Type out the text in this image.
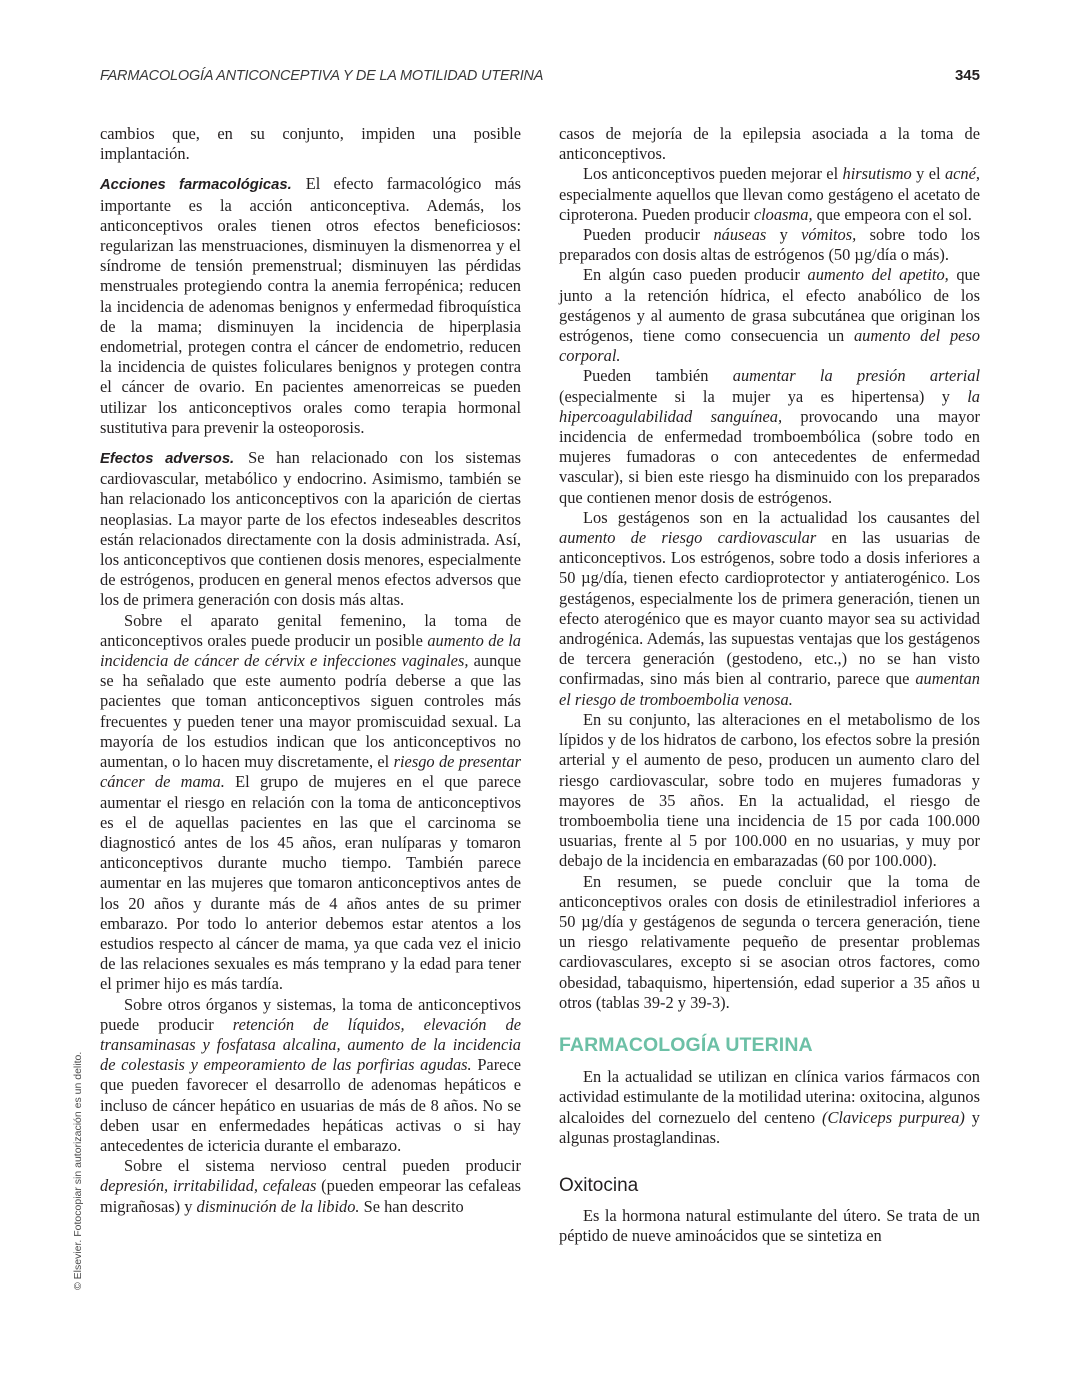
FARMACOLOGÍA ANTICONCEPTIVA Y DE LA MOTILIDAD UTERINA	345

cambios que, en su conjunto, impiden una posible implantación.

Acciones farmacológicas. El efecto farmacológico más importante es la acción anticonceptiva. Además, los anticonceptivos orales tienen otros efectos beneficiosos: regularizan las menstruaciones, disminuyen la dismenorrea y el síndrome de tensión premenstrual; disminuyen las pérdidas menstruales protegiendo contra la anemia ferropénica; reducen la incidencia de adenomas benignos y enfermedad fibroquística de la mama; disminuyen la incidencia de hiperplasia endometrial, protegen contra el cáncer de endometrio, reducen la incidencia de quistes foliculares benignos y protegen contra el cáncer de ovario. En pacientes amenorreicas se pueden utilizar los anticonceptivos orales como terapia hormonal sustitutiva para prevenir la osteoporosis.

Efectos adversos. Se han relacionado con los sistemas cardiovascular, metabólico y endocrino. Asimismo, también se han relacionado los anticonceptivos con la aparición de ciertas neoplasias. La mayor parte de los efectos indeseables descritos están relacionados directamente con la dosis administrada. Así, los anticonceptivos que contienen dosis menores, especialmente de estrógenos, producen en general menos efectos adversos que los de primera generación con dosis más altas.

Sobre el aparato genital femenino, la toma de anticonceptivos orales puede producir un posible aumento de la incidencia de cáncer de cérvix e infecciones vaginales, aunque se ha señalado que este aumento podría deberse a que las pacientes que toman anticonceptivos siguen controles más frecuentes y pueden tener una mayor promiscuidad sexual. La mayoría de los estudios indican que los anticonceptivos no aumentan, o lo hacen muy discretamente, el riesgo de presentar cáncer de mama. El grupo de mujeres en el que parece aumentar el riesgo en relación con la toma de anticonceptivos es el de aquellas pacientes en las que el carcinoma se diagnosticó antes de los 45 años, eran nulíparas y tomaron anticonceptivos durante mucho tiempo. También parece aumentar en las mujeres que tomaron anticonceptivos antes de los 20 años y durante más de 4 años antes de su primer embarazo. Por todo lo anterior debemos estar atentos a los estudios respecto al cáncer de mama, ya que cada vez el inicio de las relaciones sexuales es más temprano y la edad para tener el primer hijo es más tardía.

Sobre otros órganos y sistemas, la toma de anticonceptivos puede producir retención de líquidos, elevación de transaminasas y fosfatasa alcalina, aumento de la incidencia de colestasis y empeoramiento de las porfirias agudas. Parece que pueden favorecer el desarrollo de adenomas hepáticos e incluso de cáncer hepático en usuarias de más de 8 años. No se deben usar en enfermedades hepáticas activas o si hay antecedentes de ictericia durante el embarazo.

Sobre el sistema nervioso central pueden producir depresión, irritabilidad, cefaleas (pueden empeorar las cefaleas migrañosas) y disminución de la libido. Se han descrito

casos de mejoría de la epilepsia asociada a la toma de anticonceptivos.

Los anticonceptivos pueden mejorar el hirsutismo y el acné, especialmente aquellos que llevan como gestágeno el acetato de ciproterona. Pueden producir cloasma, que empeora con el sol.

Pueden producir náuseas y vómitos, sobre todo los preparados con dosis altas de estrógenos (50 µg/día o más).

En algún caso pueden producir aumento del apetito, que junto a la retención hídrica, el efecto anabólico de los gestágenos y al aumento de grasa subcutánea que originan los estrógenos, tiene como consecuencia un aumento del peso corporal.

Pueden también aumentar la presión arterial (especialmente si la mujer ya es hipertensa) y la hipercoagulabilidad sanguínea, provocando una mayor incidencia de enfermedad tromboembólica (sobre todo en mujeres fumadoras o con antecedentes de enfermedad vascular), si bien este riesgo ha disminuido con los preparados que contienen menor dosis de estrógenos.

Los gestágenos son en la actualidad los causantes del aumento de riesgo cardiovascular en las usuarias de anticonceptivos. Los estrógenos, sobre todo a dosis inferiores a 50 µg/día, tienen efecto cardioprotector y antiaterogénico. Los gestágenos, especialmente los de primera generación, tienen un efecto aterogénico que es mayor cuanto mayor sea su actividad androgénica. Además, las supuestas ventajas que los gestágenos de tercera generación (gestodeno, etc.,) no se han visto confirmadas, sino más bien al contrario, parece que aumentan el riesgo de tromboembolia venosa.

En su conjunto, las alteraciones en el metabolismo de los lípidos y de los hidratos de carbono, los efectos sobre la presión arterial y el aumento de peso, producen un aumento claro del riesgo cardiovascular, sobre todo en mujeres fumadoras y mayores de 35 años. En la actualidad, el riesgo de tromboembolia tiene una incidencia de 15 por cada 100.000 usuarias, frente al 5 por 100.000 en no usuarias, y muy por debajo de la incidencia en embarazadas (60 por 100.000).

En resumen, se puede concluir que la toma de anticonceptivos orales con dosis de etinilestradiol inferiores a 50 µg/día y gestágenos de segunda o tercera generación, tiene un riesgo relativamente pequeño de presentar problemas cardiovasculares, excepto si se asocian otros factores, como obesidad, tabaquismo, hipertensión, edad superior a 35 años u otros (tablas 39-2 y 39-3).

FARMACOLOGÍA UTERINA

En la actualidad se utilizan en clínica varios fármacos con actividad estimulante de la motilidad uterina: oxitocina, algunos alcaloides del cornezuelo del centeno (Claviceps purpurea) y algunas prostaglandinas.

Oxitocina

Es la hormona natural estimulante del útero. Se trata de un péptido de nueve aminoácidos que se sintetiza en

© Elsevier. Fotocopiar sin autorización es un delito.
